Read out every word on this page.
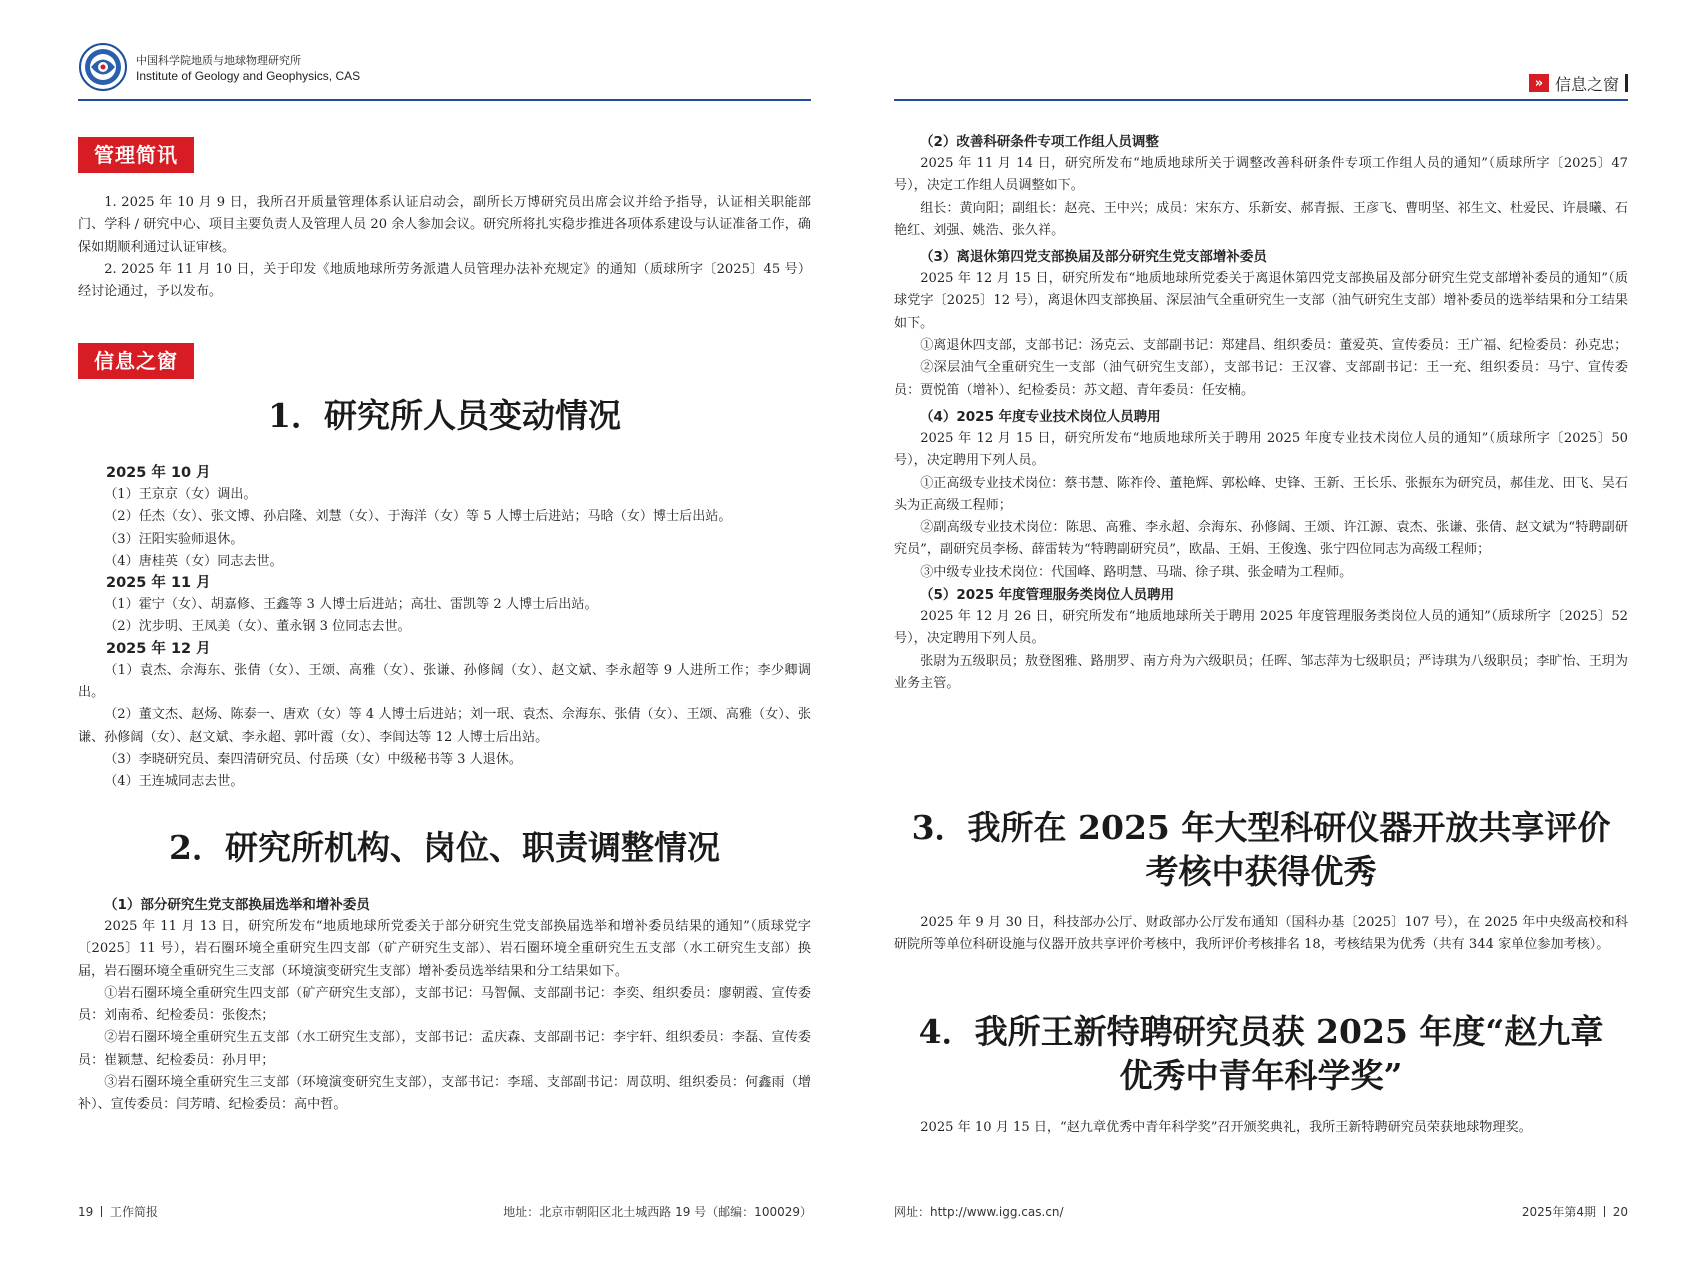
中国科学院地质与地球物理研究所
Institute of Geology and Geophysics, CAS
管理简讯

1. 2025 年 10 月 9 日，我所召开质量管理体系认证启动会，副所长万博研究员出席会议并给予指导，认证相关职能部门、学科 / 研究中心、项目主要负责人及管理人员 20 余人参加会议。研究所将扎实稳步推进各项体系建设与认证准备工作，确保如期顺利通过认证审核。

2. 2025 年 11 月 10 日，关于印发《地质地球所劳务派遣人员管理办法补充规定》的通知（质球所字〔2025〕45 号）经讨论通过，予以发布。

信息之窗
1．研究所人员变动情况

2025 年 10 月

（1）王京京（女）调出。

（2）任杰（女）、张文博、孙启隆、刘慧（女）、于海洋（女）等 5 人博士后进站；马晗（女）博士后出站。

（3）汪阳实验师退休。

（4）唐桂英（女）同志去世。

2025 年 11 月

（1）霍宁（女）、胡嘉修、王鑫等 3 人博士后进站；高壮、雷凯等 2 人博士后出站。

（2）沈步明、王凤美（女）、董永钢 3 位同志去世。

2025 年 12 月

（1）袁杰、佘海东、张倩（女）、王颂、高雅（女）、张谦、孙修阔（女）、赵文斌、李永超等 9 人进所工作；李少卿调出。

（2）董文杰、赵炀、陈泰一、唐欢（女）等 4 人博士后进站；刘一珉、袁杰、佘海东、张倩（女）、王颂、高雅（女）、张谦、孙修阔（女）、赵文斌、李永超、郭叶霞（女）、李闾达等 12 人博士后出站。

（3）李晓研究员、秦四清研究员、付岳瑛（女）中级秘书等 3 人退休。

（4）王连城同志去世。

2．研究所机构、岗位、职责调整情况

（1）部分研究生党支部换届选举和增补委员

2025 年 11 月 13 日，研究所发布“地质地球所党委关于部分研究生党支部换届选举和增补委员结果的通知”（质球党字〔2025〕11 号），岩石圈环境全重研究生四支部（矿产研究生支部）、岩石圈环境全重研究生五支部（水工研究生支部）换届，岩石圈环境全重研究生三支部（环境演变研究生支部）增补委员选举结果和分工结果如下。

①岩石圈环境全重研究生四支部（矿产研究生支部），支部书记：马智佩、支部副书记：李奕、组织委员：廖朝霞、宣传委员：刘南希、纪检委员：张俊杰；

②岩石圈环境全重研究生五支部（水工研究生支部），支部书记：孟庆森、支部副书记：李宇轩、组织委员：李磊、宣传委员：崔颖慧、纪检委员：孙月甲；

③岩石圈环境全重研究生三支部（环境演变研究生支部），支部书记：李瑶、支部副书记：周苡明、组织委员：何鑫雨（增补）、宣传委员：闫芳晴、纪检委员：高中哲。

19 工作简报	地址：北京市朝阳区北土城西路 19 号（邮编：100029）
» 信息之窗

（2）改善科研条件专项工作组人员调整

2025 年 11 月 14 日，研究所发布“地质地球所关于调整改善科研条件专项工作组人员的通知”（质球所字〔2025〕47 号），决定工作组人员调整如下。

组长：黄向阳；副组长：赵亮、王中兴；成员：宋东方、乐新安、郝青振、王彦飞、曹明坚、祁生文、杜爱民、许晨曦、石艳红、刘强、姚浩、张久祥。

（3）离退休第四党支部换届及部分研究生党支部增补委员

2025 年 12 月 15 日，研究所发布“地质地球所党委关于离退休第四党支部换届及部分研究生党支部增补委员的通知”（质球党字〔2025〕12 号），离退休四支部换届、深层油气全重研究生一支部（油气研究生支部）增补委员的选举结果和分工结果如下。

①离退休四支部，支部书记：汤克云、支部副书记：郑建昌、组织委员：董爱英、宣传委员：王广福、纪检委员：孙克忠；

②深层油气全重研究生一支部（油气研究生支部），支部书记：王汉睿、支部副书记：王一充、组织委员：马宁、宣传委员：贾悦笛（增补）、纪检委员：苏文超、青年委员：任安楠。

（4）2025 年度专业技术岗位人员聘用

2025 年 12 月 15 日，研究所发布“地质地球所关于聘用 2025 年度专业技术岗位人员的通知”（质球所字〔2025〕50 号），决定聘用下列人员。

①正高级专业技术岗位：蔡书慧、陈祚伶、董艳辉、郭松峰、史锋、王新、王长乐、张振东为研究员，郝佳龙、田飞、吴石头为正高级工程师；

②副高级专业技术岗位：陈思、高雅、李永超、佘海东、孙修阔、王颂、许江源、袁杰、张谦、张倩、赵文斌为“特聘副研究员”，副研究员李杨、薛雷转为“特聘副研究员”，欧晶、王娟、王俊逸、张宁四位同志为高级工程师；

③中级专业技术岗位：代国峰、路明慧、马瑞、徐子琪、张金晴为工程师。

（5）2025 年度管理服务类岗位人员聘用

2025 年 12 月 26 日，研究所发布“地质地球所关于聘用 2025 年度管理服务类岗位人员的通知”（质球所字〔2025〕52 号），决定聘用下列人员。

张尉为五级职员；敖登图雅、路朋罗、南方舟为六级职员；任晖、邹志萍为七级职员；严诗琪为八级职员；李旷怡、王玥为业务主管。

3．我所在 2025 年大型科研仪器开放共享评价
考核中获得优秀

2025 年 9 月 30 日，科技部办公厅、财政部办公厅发布通知（国科办基〔2025〕107 号），在 2025 年中央级高校和科研院所等单位科研设施与仪器开放共享评价考核中，我所评价考核排名 18，考核结果为优秀（共有 344 家单位参加考核）。

4．我所王新特聘研究员获 2025 年度“赵九章
优秀中青年科学奖”

2025 年 10 月 15 日，“赵九章优秀中青年科学奖”召开颁奖典礼，我所王新特聘研究员荣获地球物理奖。

网址：http://www.igg.cas.cn/	2025年第4期 20
